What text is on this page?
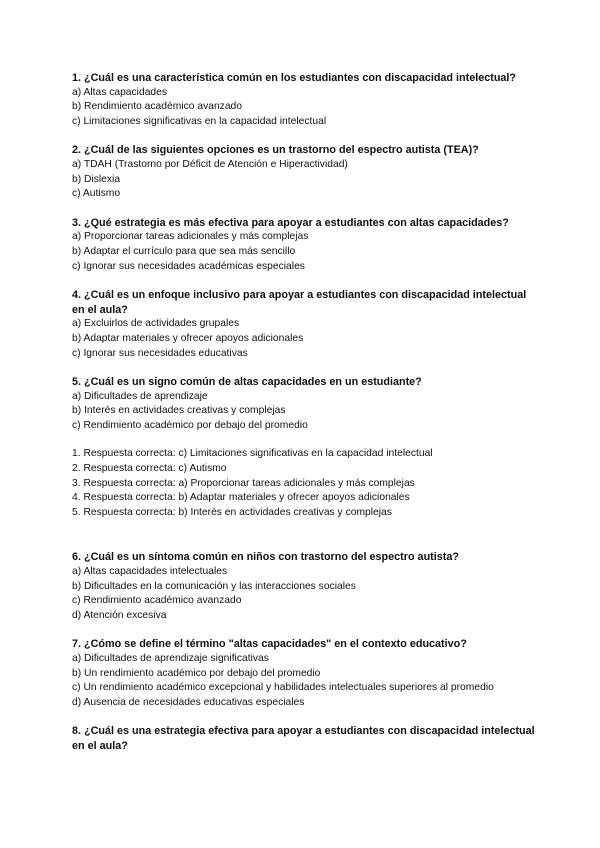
1. ¿Cuál es una característica común en los estudiantes con discapacidad intelectual?

a) Altas capacidades

b) Rendimiento académico avanzado

c) Limitaciones significativas en la capacidad intelectual

2. ¿Cuál de las siguientes opciones es un trastorno del espectro autista (TEA)?

a) TDAH (Trastorno por Déficit de Atención e Hiperactividad)

b) Dislexia

c) Autismo

3. ¿Qué estrategia es más efectiva para apoyar a estudiantes con altas capacidades?

a) Proporcionar tareas adicionales y más complejas

b) Adaptar el currículo para que sea más sencillo

c) Ignorar sus necesidades académicas especiales

4. ¿Cuál es un enfoque inclusivo para apoyar a estudiantes con discapacidad intelectual en el aula?

a) Excluirlos de actividades grupales

b) Adaptar materiales y ofrecer apoyos adicionales

c) Ignorar sus necesidades educativas

5. ¿Cuál es un signo común de altas capacidades en un estudiante?

a) Dificultades de aprendizaje

b) Interés en actividades creativas y complejas

c) Rendimiento académico por debajo del promedio

1. Respuesta correcta: c) Limitaciones significativas en la capacidad intelectual

2. Respuesta correcta: c) Autismo

3. Respuesta correcta: a) Proporcionar tareas adicionales y más complejas

4. Respuesta correcta: b) Adaptar materiales y ofrecer apoyos adicionales

5. Respuesta correcta: b) Interés en actividades creativas y complejas

6. ¿Cuál es un síntoma común en niños con trastorno del espectro autista?

a) Altas capacidades intelectuales

b) Dificultades en la comunicación y las interacciones sociales

c) Rendimiento académico avanzado

d) Atención excesiva

7. ¿Cómo se define el término "altas capacidades" en el contexto educativo?

a) Dificultades de aprendizaje significativas

b) Un rendimiento académico por debajo del promedio

c) Un rendimiento académico excepcional y habilidades intelectuales superiores al promedio

d) Ausencia de necesidades educativas especiales

8. ¿Cuál es una estrategia efectiva para apoyar a estudiantes con discapacidad intelectual en el aula?
